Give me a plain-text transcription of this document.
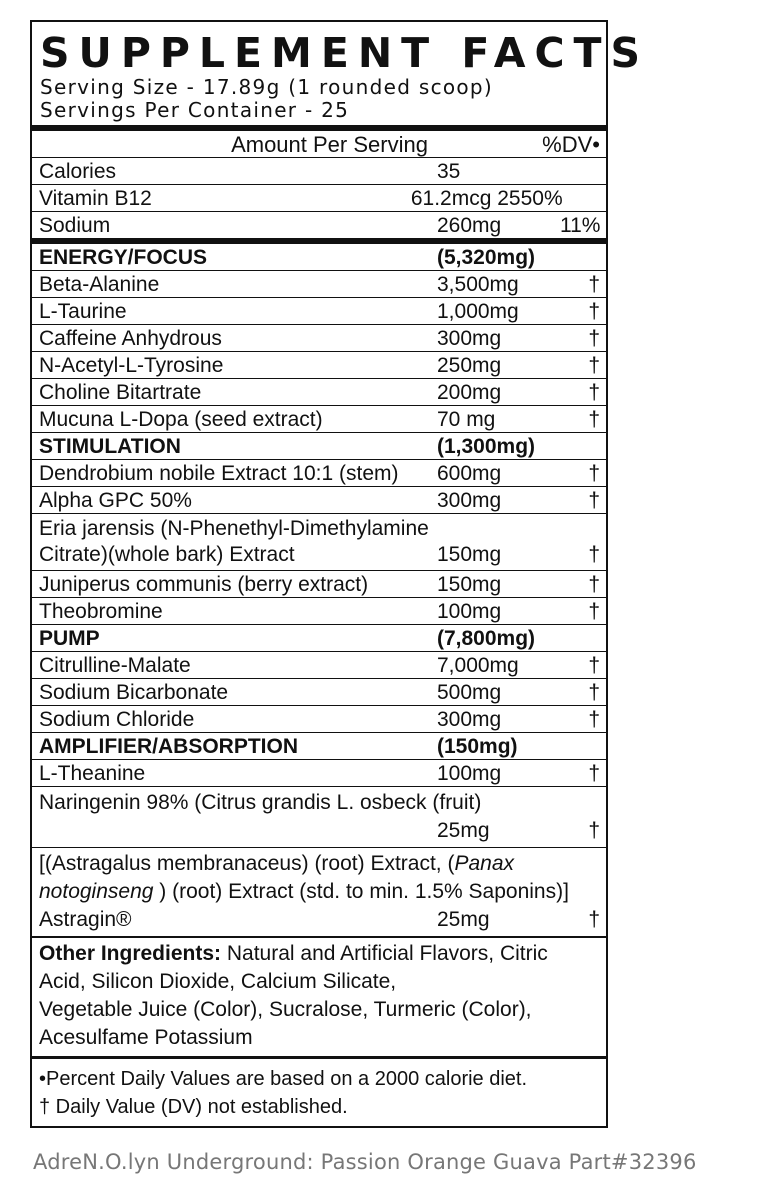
SUPPLEMENT FACTS
Serving Size - 17.89g (1 rounded scoop)
Servings Per Container - 25
Amount Per Serving	%DV•
Calories	35
Vitamin B12	61.2mcg 2550%
Sodium	260mg	11%
ENERGY/FOCUS	(5,320mg)
Beta-Alanine	3,500mg	†
L-Taurine	1,000mg	†
Caffeine Anhydrous	300mg	†
N-Acetyl-L-Tyrosine	250mg	†
Choline Bitartrate	200mg	†
Mucuna L-Dopa (seed extract)	70 mg	†
STIMULATION	(1,300mg)
Dendrobium nobile Extract 10:1 (stem)	600mg	†
Alpha GPC 50%	300mg	†
Eria jarensis (N-Phenethyl-Dimethylamine
Citrate)(whole bark) Extract	150mg	†
Juniperus communis (berry extract)	150mg	†
Theobromine	100mg	†
PUMP	(7,800mg)
Citrulline-Malate	7,000mg	†
Sodium Bicarbonate	500mg	†
Sodium Chloride	300mg	†
AMPLIFIER/ABSORPTION	(150mg)
L-Theanine	100mg	†
Naringenin 98% (Citrus grandis L. osbeck (fruit)
25mg	†
[(Astragalus membranaceus) (root) Extract, (Panax
notoginseng ) (root) Extract (std. to min. 1.5% Saponins)]
Astragin®	25mg	†
Other Ingredients: Natural and Artificial Flavors, Citric
Acid, Silicon Dioxide, Calcium Silicate,
Vegetable Juice (Color), Sucralose, Turmeric (Color),
Acesulfame Potassium
•Percent Daily Values are based on a 2000 calorie diet.
† Daily Value (DV) not established.
AdreN.O.lyn Underground: Passion Orange Guava Part#32396
